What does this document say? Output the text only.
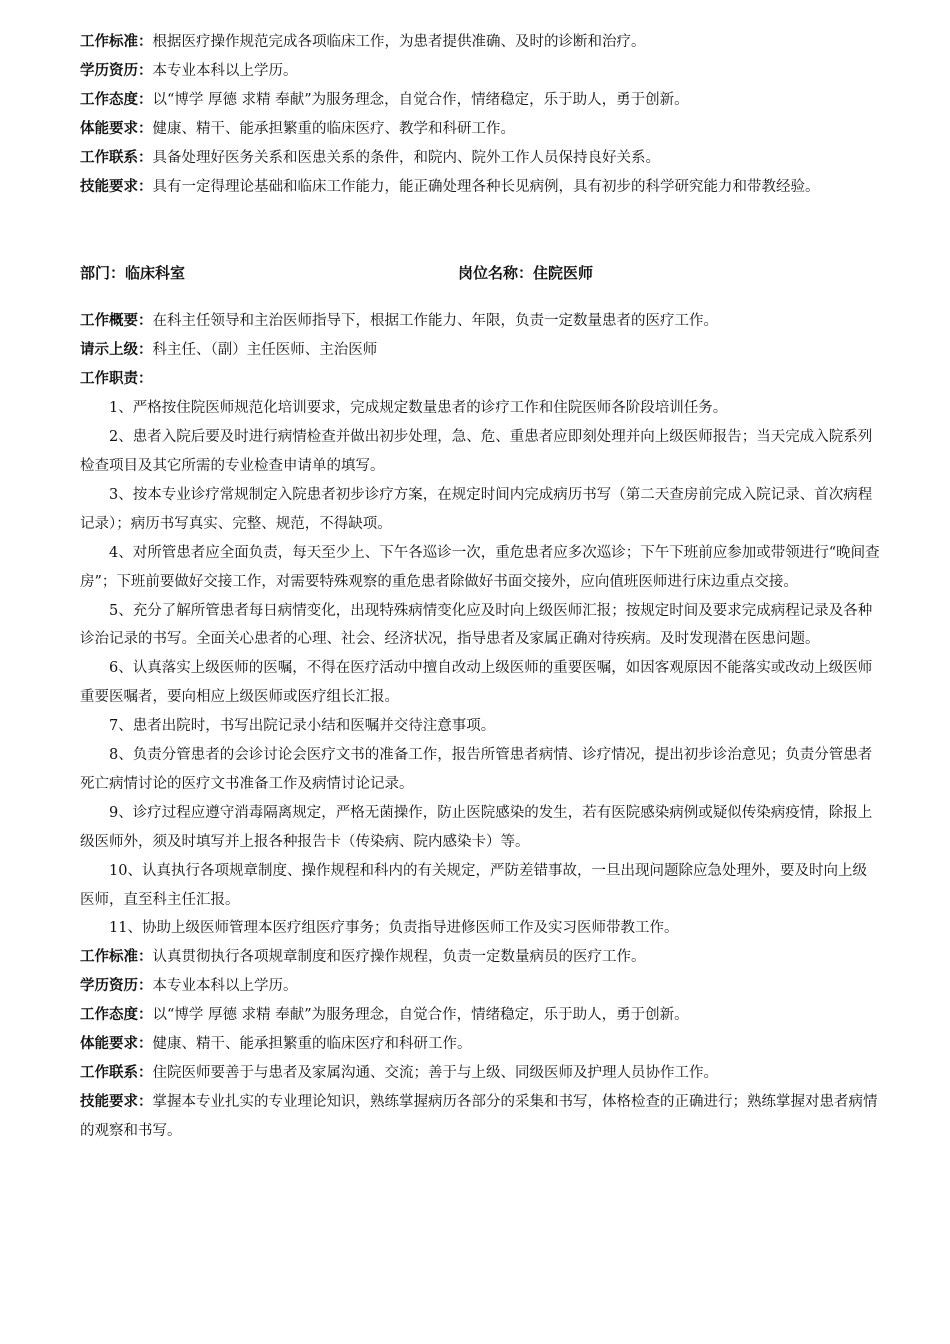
工作标准：根据医疗操作规范完成各项临床工作，为患者提供准确、及时的诊断和治疗。

学历资历：本专业本科以上学历。

工作态度：以“博学 厚德 求精 奉献”为服务理念，自觉合作，情绪稳定，乐于助人，勇于创新。

体能要求：健康、精干、能承担繁重的临床医疗、教学和科研工作。

工作联系：具备处理好医务关系和医患关系的条件，和院内、院外工作人员保持良好关系。

技能要求：具有一定得理论基础和临床工作能力，能正确处理各种长见病例，具有初步的科学研究能力和带教经验。

部门：临床科室	岗位名称：住院医师

工作概要：在科主任领导和主治医师指导下，根据工作能力、年限，负责一定数量患者的医疗工作。

请示上级：科主任、（副）主任医师、主治医师

工作职责：

1、严格按住院医师规范化培训要求，完成规定数量患者的诊疗工作和住院医师各阶段培训任务。

2、患者入院后要及时进行病情检查并做出初步处理，急、危、重患者应即刻处理并向上级医师报告；当天完成入院系列检查项目及其它所需的专业检查申请单的填写。

3、按本专业诊疗常规制定入院患者初步诊疗方案，在规定时间内完成病历书写（第二天查房前完成入院记录、首次病程记录）；病历书写真实、完整、规范，不得缺项。

4、对所管患者应全面负责，每天至少上、下午各巡诊一次，重危患者应多次巡诊；下午下班前应参加或带领进行“晚间查房”；下班前要做好交接工作，对需要特殊观察的重危患者除做好书面交接外，应向值班医师进行床边重点交接。

5、充分了解所管患者每日病情变化，出现特殊病情变化应及时向上级医师汇报；按规定时间及要求完成病程记录及各种诊治记录的书写。全面关心患者的心理、社会、经济状况，指导患者及家属正确对待疾病。及时发现潜在医患问题。

6、认真落实上级医师的医嘱，不得在医疗活动中擅自改动上级医师的重要医嘱，如因客观原因不能落实或改动上级医师重要医嘱者，要向相应上级医师或医疗组长汇报。

7、患者出院时，书写出院记录小结和医嘱并交待注意事项。

8、负责分管患者的会诊讨论会医疗文书的准备工作，报告所管患者病情、诊疗情况，提出初步诊治意见；负责分管患者死亡病情讨论的医疗文书准备工作及病情讨论记录。

9、诊疗过程应遵守消毒隔离规定，严格无菌操作，防止医院感染的发生，若有医院感染病例或疑似传染病疫情，除报上级医师外，须及时填写并上报各种报告卡（传染病、院内感染卡）等。

10、认真执行各项规章制度、操作规程和科内的有关规定，严防差错事故，一旦出现问题除应急处理外，要及时向上级医师，直至科主任汇报。

11、协助上级医师管理本医疗组医疗事务；负责指导进修医师工作及实习医师带教工作。

工作标准：认真贯彻执行各项规章制度和医疗操作规程，负责一定数量病员的医疗工作。

学历资历：本专业本科以上学历。

工作态度：以“博学 厚德 求精 奉献”为服务理念，自觉合作，情绪稳定，乐于助人，勇于创新。

体能要求：健康、精干、能承担繁重的临床医疗和科研工作。

工作联系：住院医师要善于与患者及家属沟通、交流；善于与上级、同级医师及护理人员协作工作。

技能要求：掌握本专业扎实的专业理论知识，熟练掌握病历各部分的采集和书写，体格检查的正确进行；熟练掌握对患者病情的观察和书写。
